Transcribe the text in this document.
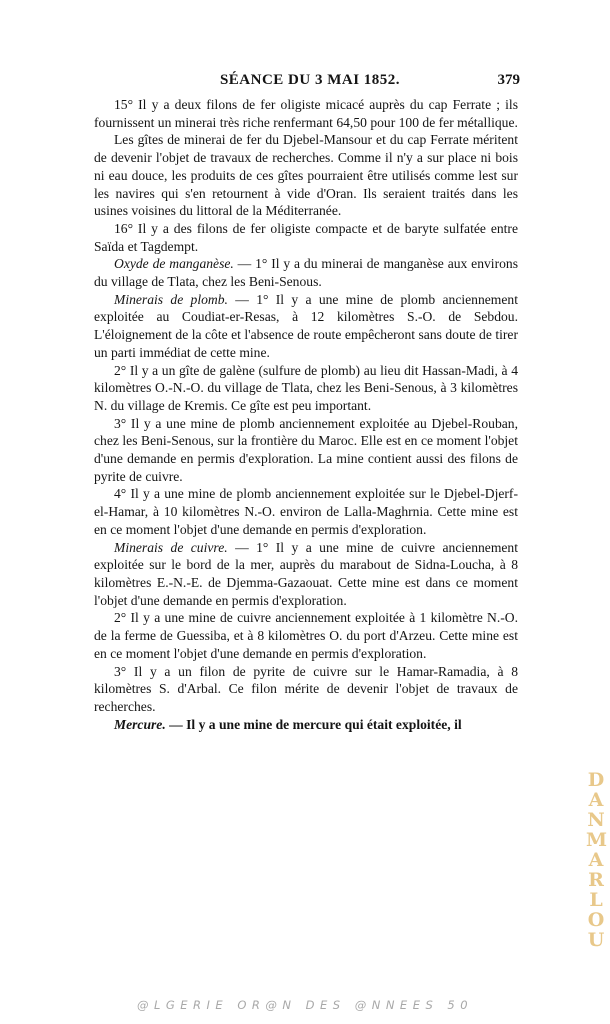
SÉANCE DU 3 MAI 1852.	379

15° Il y a deux filons de fer oligiste micacé auprès du cap Ferrate ; ils fournissent un minerai très riche renfermant 64,50 pour 100 de fer métallique.

Les gîtes de minerai de fer du Djebel-Mansour et du cap Ferrate méritent de devenir l'objet de travaux de recherches. Comme il n'y a sur place ni bois ni eau douce, les produits de ces gîtes pourraient être utilisés comme lest sur les navires qui s'en retournent à vide d'Oran. Ils seraient traités dans les usines voisines du littoral de la Méditerranée.

16° Il y a des filons de fer oligiste compacte et de baryte sulfatée entre Saïda et Tagdempt.

Oxyde de manganèse. — 1° Il y a du minerai de manganèse aux environs du village de Tlata, chez les Beni-Senous.

Minerais de plomb. — 1° Il y a une mine de plomb anciennement exploitée au Coudiat-er-Resas, à 12 kilomètres S.-O. de Sebdou. L'éloignement de la côte et l'absence de route empêcheront sans doute de tirer un parti immédiat de cette mine.

2° Il y a un gîte de galène (sulfure de plomb) au lieu dit Hassan-Madi, à 4 kilomètres O.-N.-O. du village de Tlata, chez les Beni-Senous, à 3 kilomètres N. du village de Kremis. Ce gîte est peu important.

3° Il y a une mine de plomb anciennement exploitée au Djebel-Rouban, chez les Beni-Senous, sur la frontière du Maroc. Elle est en ce moment l'objet d'une demande en permis d'exploration. La mine contient aussi des filons de pyrite de cuivre.

4° Il y a une mine de plomb anciennement exploitée sur le Djebel-Djerf-el-Hamar, à 10 kilomètres N.-O. environ de Lalla-Maghrnia. Cette mine est en ce moment l'objet d'une demande en permis d'exploration.

Minerais de cuivre. — 1° Il y a une mine de cuivre anciennement exploitée sur le bord de la mer, auprès du marabout de Sidna-Loucha, à 8 kilomètres E.-N.-E. de Djemma-Gazaouat. Cette mine est dans ce moment l'objet d'une demande en permis d'exploration.

2° Il y a une mine de cuivre anciennement exploitée à 1 kilomètre N.-O. de la ferme de Guessiba, et à 8 kilomètres O. du port d'Arzeu. Cette mine est en ce moment l'objet d'une demande en permis d'exploration.

3° Il y a un filon de pyrite de cuivre sur le Hamar-Ramadia, à 8 kilomètres S. d'Arbal. Ce filon mérite de devenir l'objet de travaux de recherches.

Mercure. — Il y a une mine de mercure qui était exploitée, il

DANMARLOU
@LGERIE OR@N DES @NNEES 50
